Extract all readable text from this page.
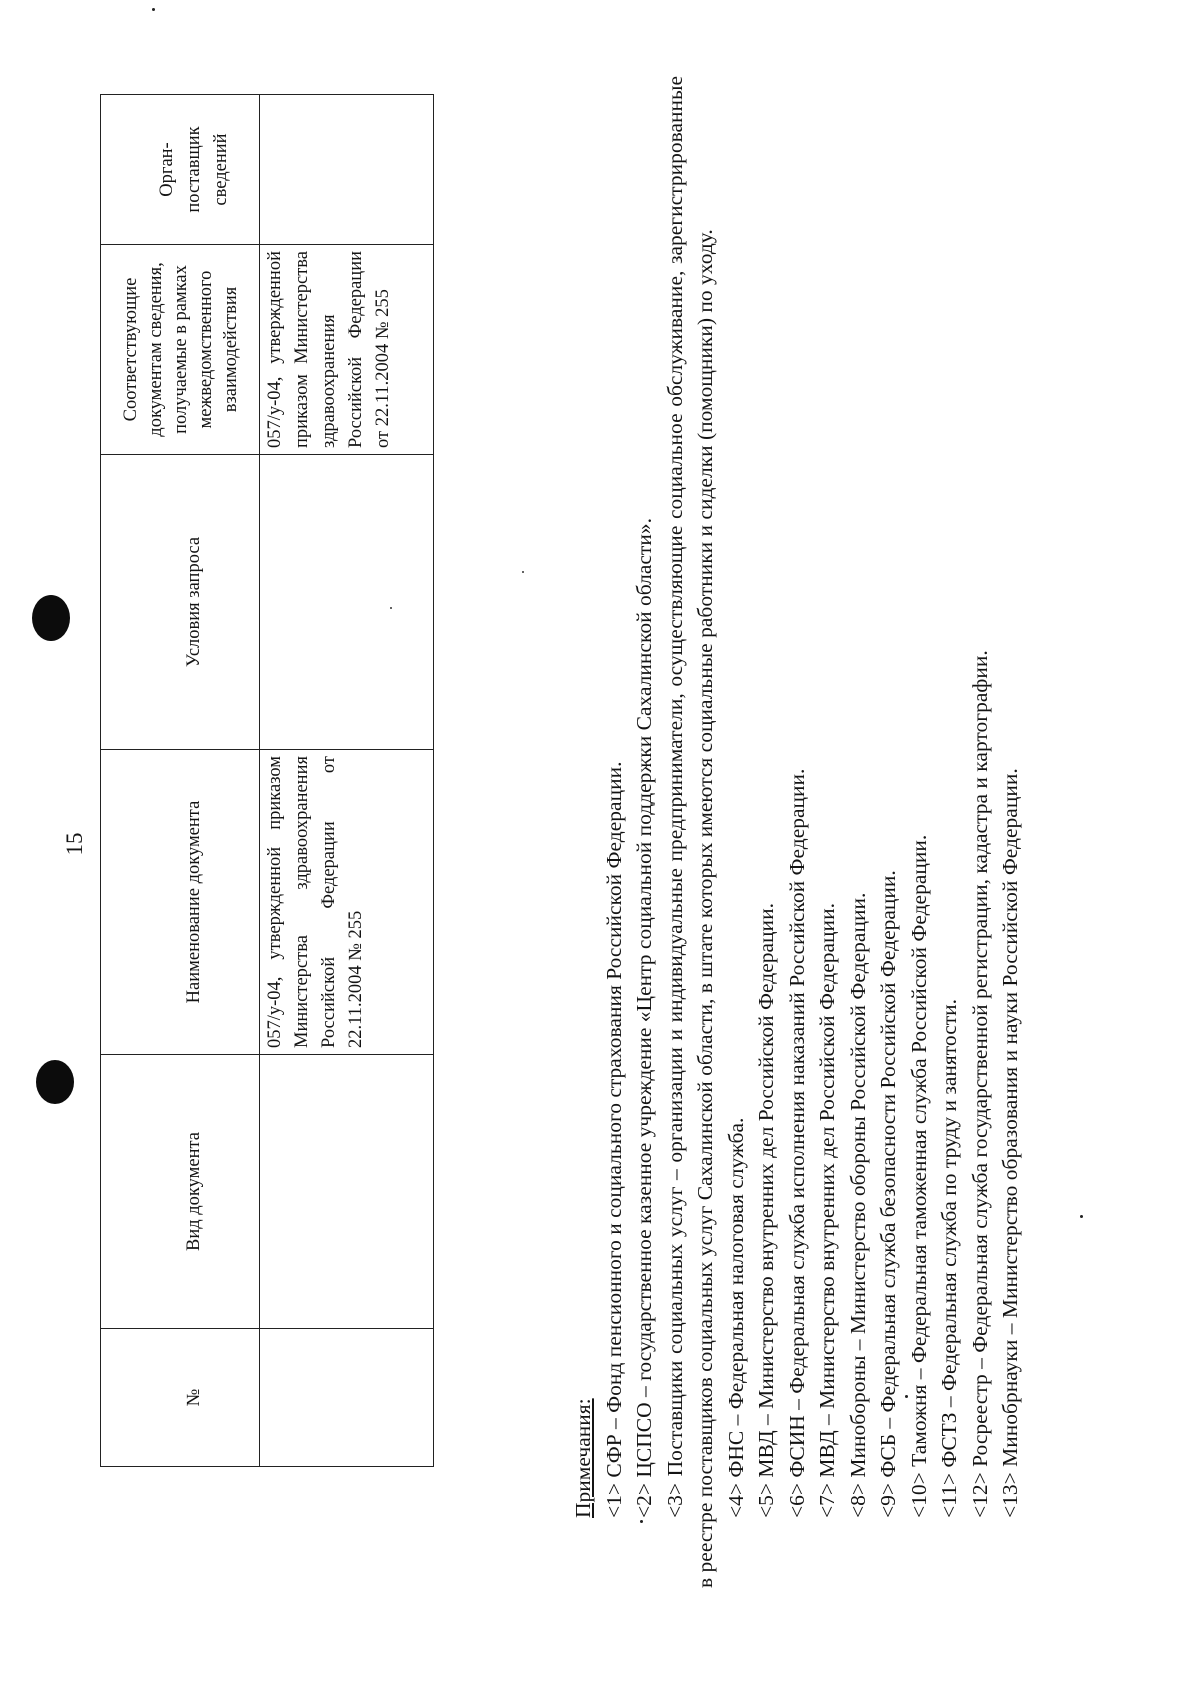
15
№	Вид документа	Наименование документа	Условия запроса	Соответствующие документам сведения, получаемые в рамках межведомственного взаимодействия	Орган-поставщик сведений
		057/у-04, утвержденной приказом Министерства здравоохранения Российской Федерации от 22.11.2004 № 255		057/у-04, утвержденной приказом Министерства здравоохранения Российской Федерации от 22.11.2004 № 255	

Примечания: <1> СФР – Фонд пенсионного и социального страхования Российской Федерации. <2> ЦСПСО – государственное казенное учреждение «Центр социальной поддержки Сахалинской области». <3> Поставщики социальных услуг – организации и индивидуальные предприниматели, осуществляющие социальное обслуживание, зарегистрированные в реестре поставщиков социальных услуг Сахалинской области, в штате которых имеются социальные работники и сиделки (помощники) по уходу. <4> ФНС – Федеральная налоговая служба. <5> МВД – Министерство внутренних дел Российской Федерации. <6> ФСИН – Федеральная служба исполнения наказаний Российской Федерации. <7> МВД – Министерство внутренних дел Российской Федерации. <8> Минобороны – Министерство обороны Российской Федерации. <9> ФСБ – Федеральная служба безопасности Российской Федерации. <10> Таможня – Федеральная таможенная служба Российской Федерации. <11> ФСТЗ – Федеральная служба по труду и занятости. <12> Росреестр – Федеральная служба государственной регистрации, кадастра и картографии. <13> Минобрнауки – Министерство образования и науки Российской Федерации.
